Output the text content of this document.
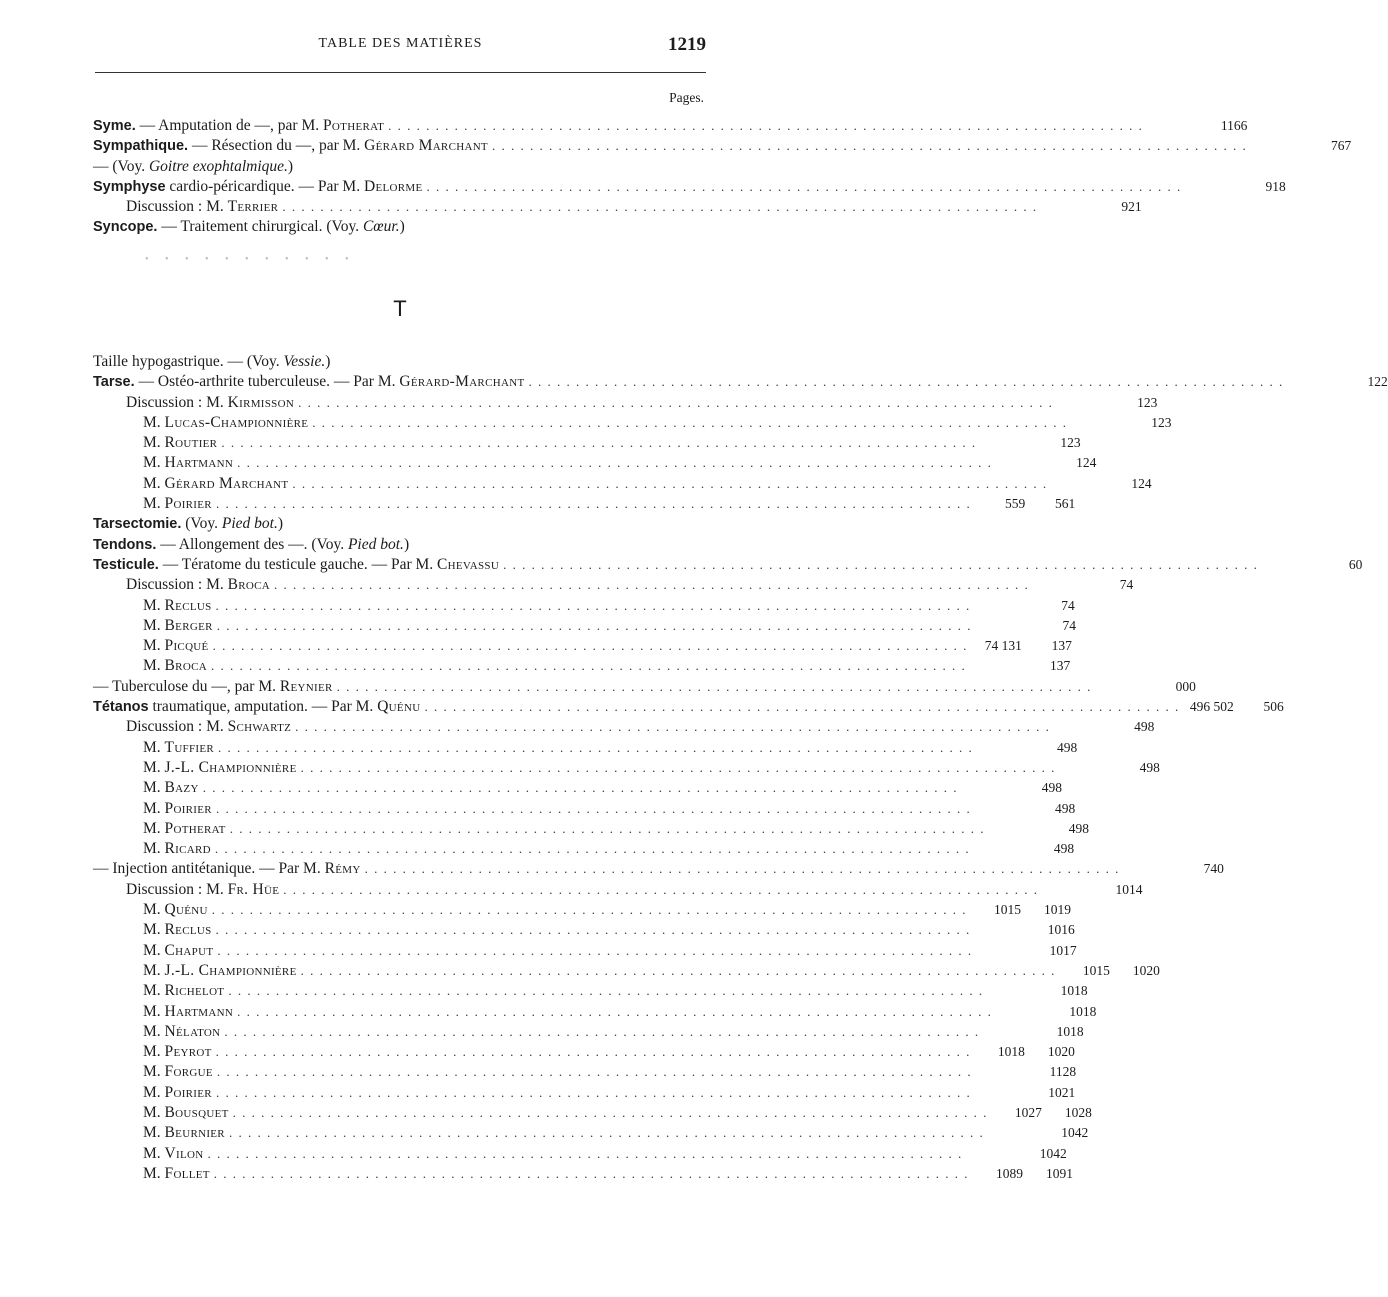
TABLE DES MATIÈRES	1219
Pages.
Syme. — Amputation de —, par M. Potherat . . . . . . . . . . . . . . . . . . . . . . . . . . . . . . . . . . . . . . . . . . . . . . . . . . . . . . . . . . . . . . . . . . . . . . . . . . . . . . . .	1166
Sympathique. — Résection du —, par M. Gérard Marchant . . . . . . . . . . . . . . . . . . . . . . . . . . . . . . . . . . . . . . . . . . . . . . . . . . . . . . . . . . . . . . . . . . . . . . . . . . . . . . . .	767
— (Voy. Goitre exophtalmique.)
Symphyse cardio-péricardique. — Par M. Delorme . . . . . . . . . . . . . . . . . . . . . . . . . . . . . . . . . . . . . . . . . . . . . . . . . . . . . . . . . . . . . . . . . . . . . . . . . . . . . . . .	918
Discussion : M. Terrier . . . . . . . . . . . . . . . . . . . . . . . . . . . . . . . . . . . . . . . . . . . . . . . . . . . . . . . . . . . . . . . . . . . . . . . . . . . . . . . .	921
Syncope. — Traitement chirurgical. (Voy. Cœur.)
• • • • • • • • • • •
T
Taille hypogastrique. — (Voy. Vessie.)
Tarse. — Ostéo-arthrite tuberculeuse. — Par M. Gérard-Marchant . . . . . . . . . . . . . . . . . . . . . . . . . . . . . . . . . . . . . . . . . . . . . . . . . . . . . . . . . . . . . . . . . . . . . . . . . . . . . . . .	122
Discussion : M. Kirmisson . . . . . . . . . . . . . . . . . . . . . . . . . . . . . . . . . . . . . . . . . . . . . . . . . . . . . . . . . . . . . . . . . . . . . . . . . . . . . . . .	123
M. Lucas-Championnière . . . . . . . . . . . . . . . . . . . . . . . . . . . . . . . . . . . . . . . . . . . . . . . . . . . . . . . . . . . . . . . . . . . . . . . . . . . . . . . .	123
M. Routier . . . . . . . . . . . . . . . . . . . . . . . . . . . . . . . . . . . . . . . . . . . . . . . . . . . . . . . . . . . . . . . . . . . . . . . . . . . . . . . .	123
M. Hartmann . . . . . . . . . . . . . . . . . . . . . . . . . . . . . . . . . . . . . . . . . . . . . . . . . . . . . . . . . . . . . . . . . . . . . . . . . . . . . . . .	124
M. Gérard Marchant . . . . . . . . . . . . . . . . . . . . . . . . . . . . . . . . . . . . . . . . . . . . . . . . . . . . . . . . . . . . . . . . . . . . . . . . . . . . . . . .	124
M. Poirier . . . . . . . . . . . . . . . . . . . . . . . . . . . . . . . . . . . . . . . . . . . . . . . . . . . . . . . . . . . . . . . . . . . . . . . . . . . . . . . .	559	561
Tarsectomie. (Voy. Pied bot.)
Tendons. — Allongement des —. (Voy. Pied bot.)
Testicule. — Tératome du testicule gauche. — Par M. Chevassu . . . . . . . . . . . . . . . . . . . . . . . . . . . . . . . . . . . . . . . . . . . . . . . . . . . . . . . . . . . . . . . . . . . . . . . . . . . . . . . .	60
Discussion : M. Broca . . . . . . . . . . . . . . . . . . . . . . . . . . . . . . . . . . . . . . . . . . . . . . . . . . . . . . . . . . . . . . . . . . . . . . . . . . . . . . . .	74
M. Reclus . . . . . . . . . . . . . . . . . . . . . . . . . . . . . . . . . . . . . . . . . . . . . . . . . . . . . . . . . . . . . . . . . . . . . . . . . . . . . . . .	74
M. Berger . . . . . . . . . . . . . . . . . . . . . . . . . . . . . . . . . . . . . . . . . . . . . . . . . . . . . . . . . . . . . . . . . . . . . . . . . . . . . . . .	74
M. Picqué . . . . . . . . . . . . . . . . . . . . . . . . . . . . . . . . . . . . . . . . . . . . . . . . . . . . . . . . . . . . . . . . . . . . . . . . . . . . . . . .	74 131	137
M. Broca . . . . . . . . . . . . . . . . . . . . . . . . . . . . . . . . . . . . . . . . . . . . . . . . . . . . . . . . . . . . . . . . . . . . . . . . . . . . . . . .	137
— Tuberculose du —, par M. Reynier . . . . . . . . . . . . . . . . . . . . . . . . . . . . . . . . . . . . . . . . . . . . . . . . . . . . . . . . . . . . . . . . . . . . . . . . . . . . . . . .	000
Tétanos traumatique, amputation. — Par M. Quénu . . . . . . . . . . . . . . . . . . . . . . . . . . . . . . . . . . . . . . . . . . . . . . . . . . . . . . . . . . . . . . . . . . . . . . . . . . . . . . . . 496 502	506
Discussion : M. Schwartz . . . . . . . . . . . . . . . . . . . . . . . . . . . . . . . . . . . . . . . . . . . . . . . . . . . . . . . . . . . . . . . . . . . . . . . . . . . . . . . .	498
M. Tuffier . . . . . . . . . . . . . . . . . . . . . . . . . . . . . . . . . . . . . . . . . . . . . . . . . . . . . . . . . . . . . . . . . . . . . . . . . . . . . . . .	498
M. J.-L. Championnière . . . . . . . . . . . . . . . . . . . . . . . . . . . . . . . . . . . . . . . . . . . . . . . . . . . . . . . . . . . . . . . . . . . . . . . . . . . . . . . .	498
M. Bazy . . . . . . . . . . . . . . . . . . . . . . . . . . . . . . . . . . . . . . . . . . . . . . . . . . . . . . . . . . . . . . . . . . . . . . . . . . . . . . . .	498
M. Poirier . . . . . . . . . . . . . . . . . . . . . . . . . . . . . . . . . . . . . . . . . . . . . . . . . . . . . . . . . . . . . . . . . . . . . . . . . . . . . . . .	498
M. Potherat . . . . . . . . . . . . . . . . . . . . . . . . . . . . . . . . . . . . . . . . . . . . . . . . . . . . . . . . . . . . . . . . . . . . . . . . . . . . . . . .	498
M. Ricard . . . . . . . . . . . . . . . . . . . . . . . . . . . . . . . . . . . . . . . . . . . . . . . . . . . . . . . . . . . . . . . . . . . . . . . . . . . . . . . .	498
— Injection antitétanique. — Par M. Rémy . . . . . . . . . . . . . . . . . . . . . . . . . . . . . . . . . . . . . . . . . . . . . . . . . . . . . . . . . . . . . . . . . . . . . . . . . . . . . . . .	740
Discussion : M. Fr. Hüe . . . . . . . . . . . . . . . . . . . . . . . . . . . . . . . . . . . . . . . . . . . . . . . . . . . . . . . . . . . . . . . . . . . . . . . . . . . . . . . .	1014
M. Quénu . . . . . . . . . . . . . . . . . . . . . . . . . . . . . . . . . . . . . . . . . . . . . . . . . . . . . . . . . . . . . . . . . . . . . . . . . . . . . . . .	1015	1019
M. Reclus . . . . . . . . . . . . . . . . . . . . . . . . . . . . . . . . . . . . . . . . . . . . . . . . . . . . . . . . . . . . . . . . . . . . . . . . . . . . . . . .	1016
M. Chaput . . . . . . . . . . . . . . . . . . . . . . . . . . . . . . . . . . . . . . . . . . . . . . . . . . . . . . . . . . . . . . . . . . . . . . . . . . . . . . . .	1017
M. J.-L. Championnière . . . . . . . . . . . . . . . . . . . . . . . . . . . . . . . . . . . . . . . . . . . . . . . . . . . . . . . . . . . . . . . . . . . . . . . . . . . . . . . .	1015	1020
M. Richelot . . . . . . . . . . . . . . . . . . . . . . . . . . . . . . . . . . . . . . . . . . . . . . . . . . . . . . . . . . . . . . . . . . . . . . . . . . . . . . . .	1018
M. Hartmann . . . . . . . . . . . . . . . . . . . . . . . . . . . . . . . . . . . . . . . . . . . . . . . . . . . . . . . . . . . . . . . . . . . . . . . . . . . . . . . .	1018
M. Nélaton . . . . . . . . . . . . . . . . . . . . . . . . . . . . . . . . . . . . . . . . . . . . . . . . . . . . . . . . . . . . . . . . . . . . . . . . . . . . . . . .	1018
M. Peyrot . . . . . . . . . . . . . . . . . . . . . . . . . . . . . . . . . . . . . . . . . . . . . . . . . . . . . . . . . . . . . . . . . . . . . . . . . . . . . . . .	1018	1020
M. Forgue . . . . . . . . . . . . . . . . . . . . . . . . . . . . . . . . . . . . . . . . . . . . . . . . . . . . . . . . . . . . . . . . . . . . . . . . . . . . . . . .	1128
M. Poirier . . . . . . . . . . . . . . . . . . . . . . . . . . . . . . . . . . . . . . . . . . . . . . . . . . . . . . . . . . . . . . . . . . . . . . . . . . . . . . . .	1021
M. Bousquet . . . . . . . . . . . . . . . . . . . . . . . . . . . . . . . . . . . . . . . . . . . . . . . . . . . . . . . . . . . . . . . . . . . . . . . . . . . . . . . .	1027	1028
M. Beurnier . . . . . . . . . . . . . . . . . . . . . . . . . . . . . . . . . . . . . . . . . . . . . . . . . . . . . . . . . . . . . . . . . . . . . . . . . . . . . . . .	1042
M. Vilon . . . . . . . . . . . . . . . . . . . . . . . . . . . . . . . . . . . . . . . . . . . . . . . . . . . . . . . . . . . . . . . . . . . . . . . . . . . . . . . .	1042
M. Follet . . . . . . . . . . . . . . . . . . . . . . . . . . . . . . . . . . . . . . . . . . . . . . . . . . . . . . . . . . . . . . . . . . . . . . . . . . . . . . . .	1089	1091
